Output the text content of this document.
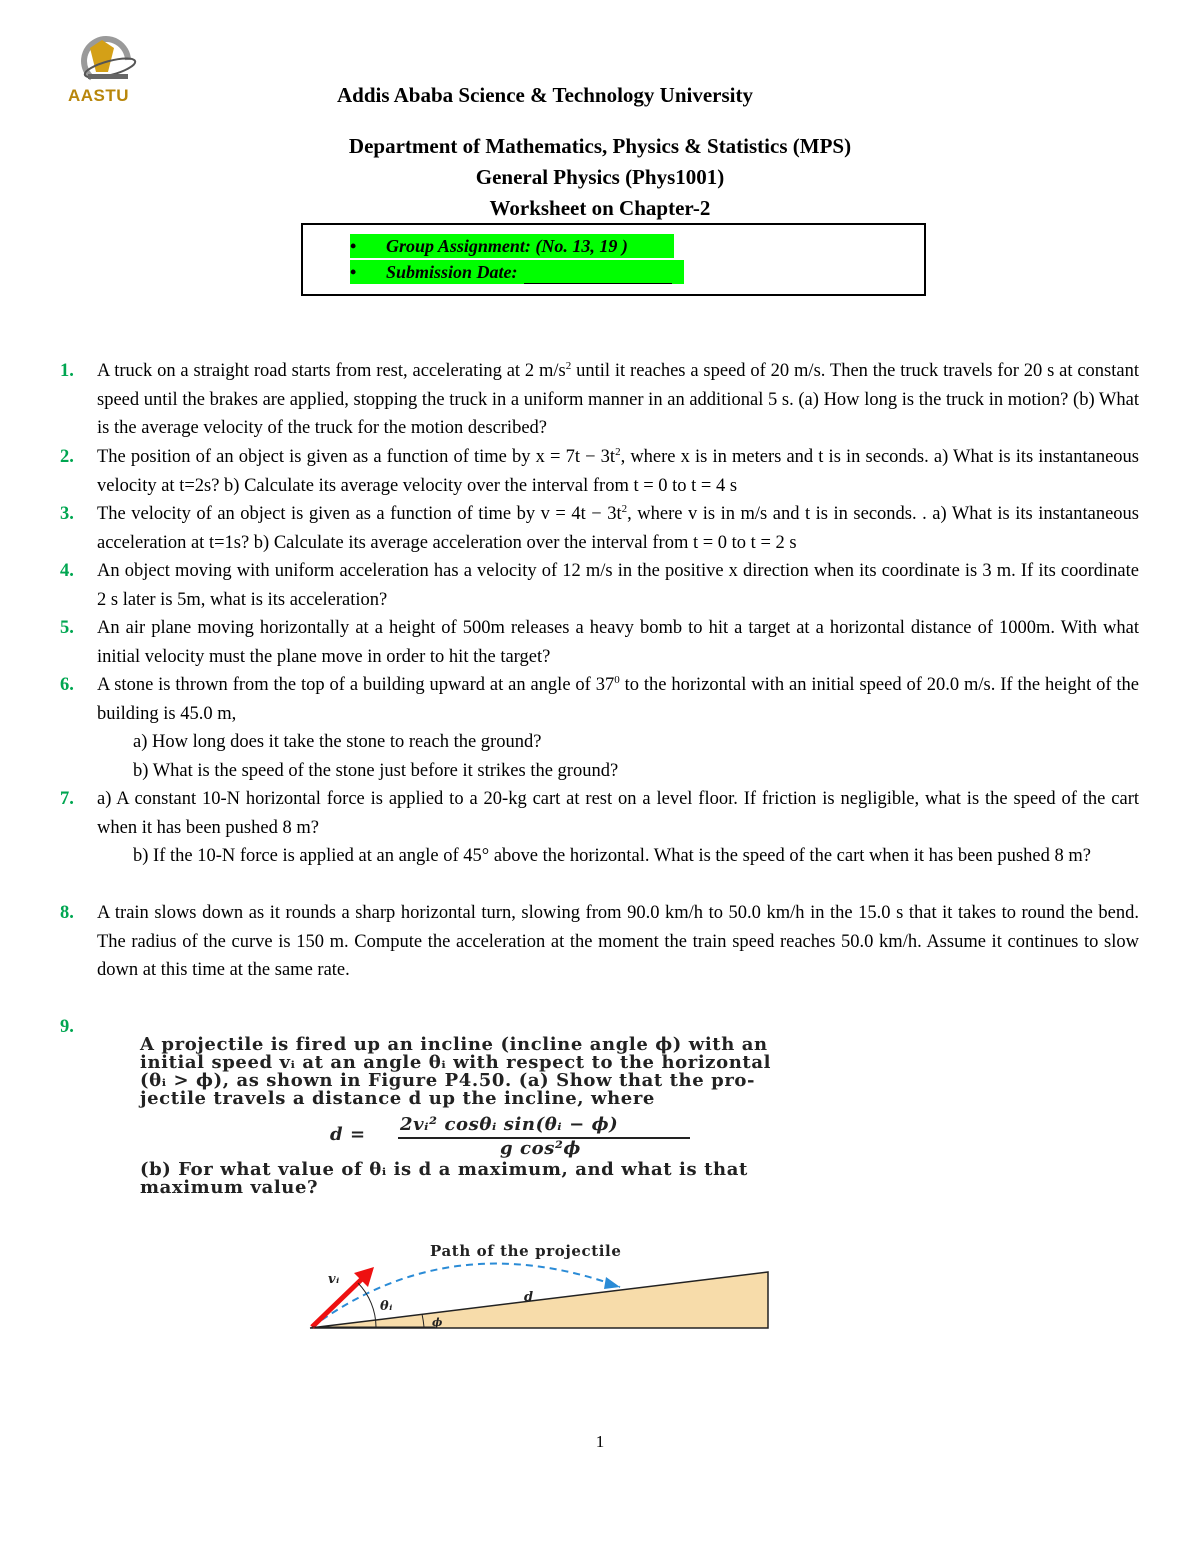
AASTU	Addis Ababa Science & Technology University
Department of Mathematics, Physics & Statistics (MPS)
General Physics (Phys1001)
Worksheet on Chapter-2
• Group Assignment: (No. 13, 19 )
• Submission Date:
1. A truck on a straight road starts from rest, accelerating at 2 $m/s^2$ until it reaches a speed of 20 m/s. Then the truck travels for 20 s at constant speed until the brakes are applied, stopping the truck in a uniform manner in an additional 5 s. (a) How long is the truck in motion? (b) What is the average velocity of the truck for the motion described?
2. The position of an object is given as a function of time by $x = 7t - 3t^2$, where x is in meters and t is in seconds. a) What is its instantaneous velocity at t=2s? b) Calculate its average velocity over the interval from t = 0 to t = 4 s
3. The velocity of an object is given as a function of time by $v = 4t - 3t^2$, where v is in m/s and t is in seconds. . a) What is its instantaneous acceleration at t=1s? b) Calculate its average acceleration over the interval from t = 0 to t = 2 s
4. An object moving with uniform acceleration has a velocity of 12 m/s in the positive x direction when its coordinate is 3 m. If its coordinate 2 s later is 5m, what is its acceleration?
5. An air plane moving horizontally at a height of 500m releases a heavy bomb to hit a target at a horizontal distance of 1000m. With what initial velocity must the plane move in order to hit the target?
6. A stone is thrown from the top of a building upward at an angle of $37^0$ to the horizontal with an initial speed of 20.0 m/s. If the height of the building is 45.0 m,
a) How long does it take the stone to reach the ground?
b) What is the speed of the stone just before it strikes the ground?
7. a) A constant 10-N horizontal force is applied to a 20-kg cart at rest on a level floor. If friction is negligible, what is the speed of the cart when it has been pushed 8 m?
b) If the 10-N force is applied at an angle of 45° above the horizontal. What is the speed of the cart when it has been pushed 8 m?
8. A train slows down as it rounds a sharp horizontal turn, slowing from 90.0 km/h to 50.0 km/h in the 15.0 s that it takes to round the bend. The radius of the curve is 150 m. Compute the acceleration at the moment the train speed reaches 50.0 km/h. Assume it continues to slow down at this time at the same rate.
9.
A projectile is fired up an incline (incline angle ϕ) with an
initial speed vᵢ at an angle θᵢ with respect to the horizontal
(θᵢ > ϕ), as shown in Figure P4.50. (a) Show that the pro-
jectile travels a distance d up the incline, where
d =	2vᵢ² cosθᵢ sin(θᵢ − ϕ)
g cos²ϕ
(b) For what value of θᵢ is d a maximum, and what is that
maximum value?
Path of the projectile
vᵢ
θᵢ
d
ϕ
1
